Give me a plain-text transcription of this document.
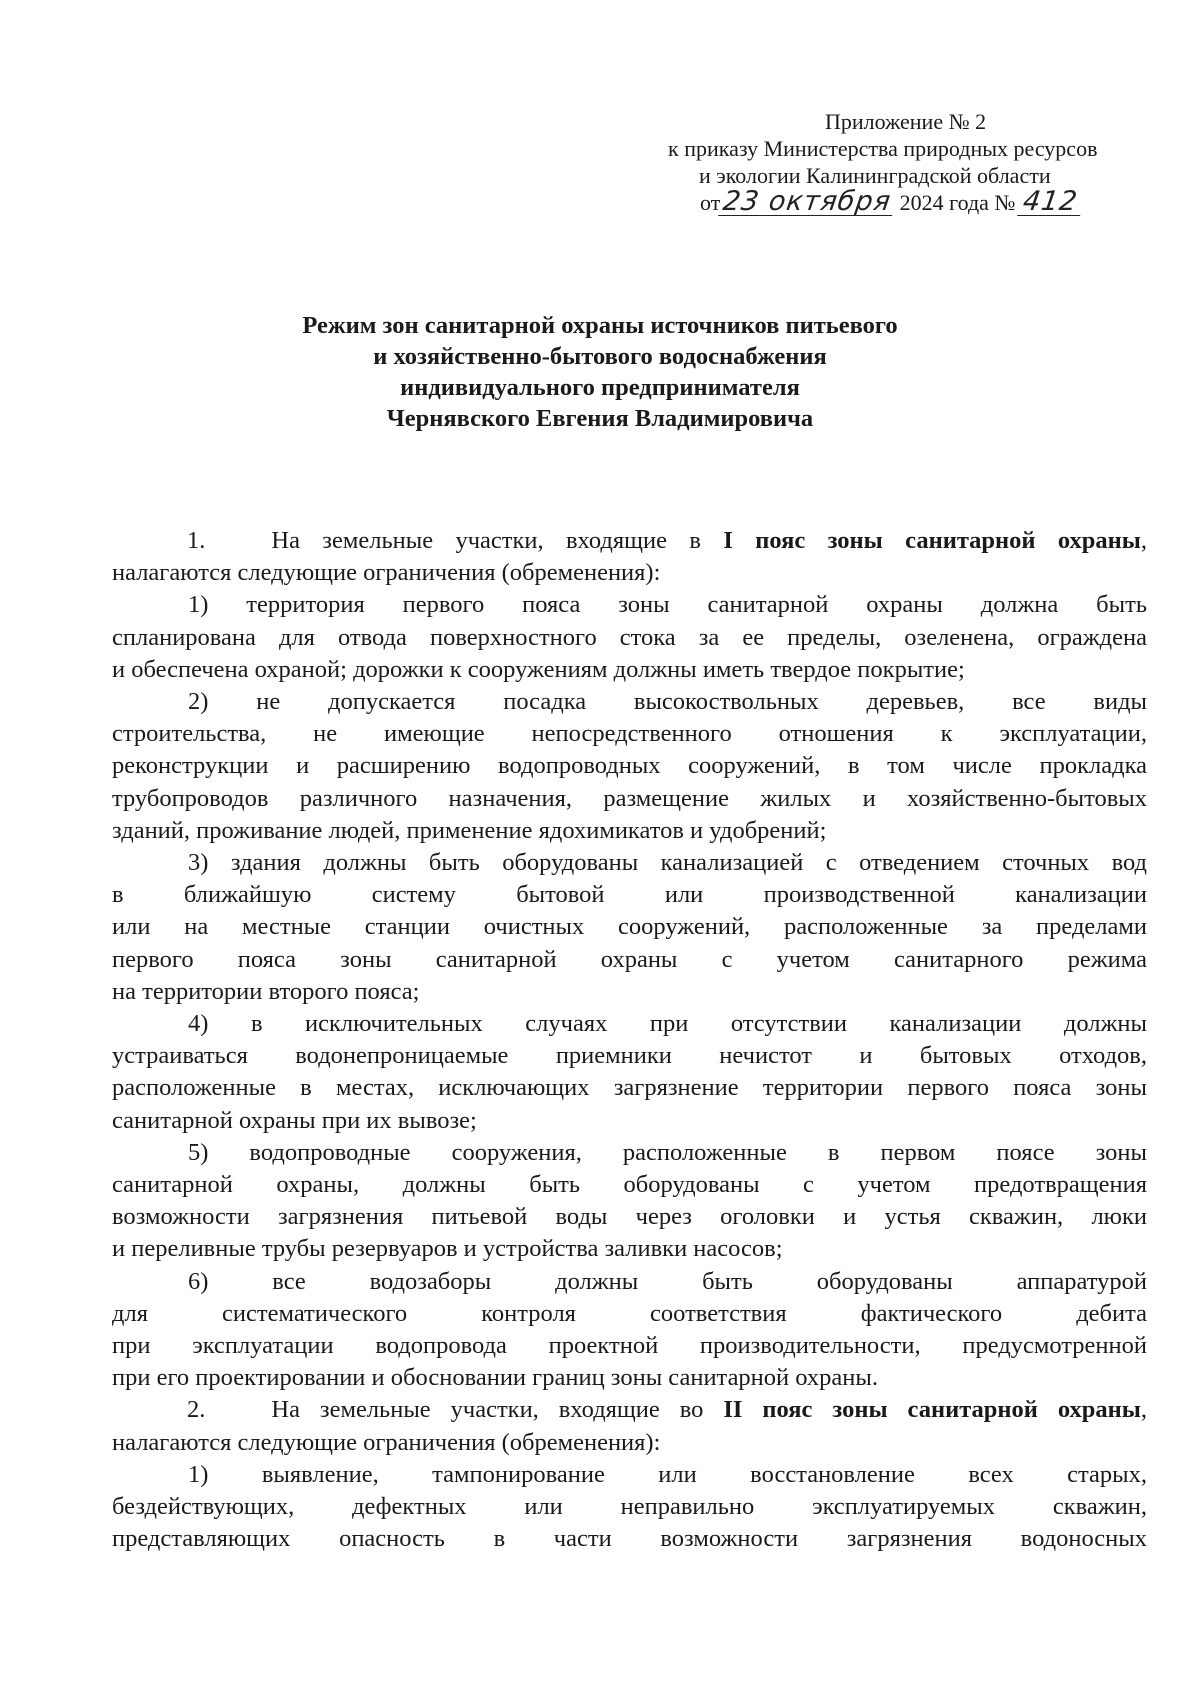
Приложение № 2
к приказу Министерства природных ресурсов
и экологии Калининградской области
от23 октября 2024 года № 412
Режим зон санитарной охраны источников питьевого
и хозяйственно-бытового водоснабжения
индивидуального предпринимателя
Чернявского Евгения Владимировича
1.	На земельные участки, входящие в I пояс зоны санитарной охраны,
налагаются следующие ограничения (обременения):
1) территория первого пояса зоны санитарной охраны должна быть
спланирована для отвода поверхностного стока за ее пределы, озеленена, ограждена
и обеспечена охраной; дорожки к сооружениям должны иметь твердое покрытие;
2) не допускается посадка высокоствольных деревьев, все виды
строительства, не имеющие непосредственного отношения к эксплуатации,
реконструкции и расширению водопроводных сооружений, в том числе прокладка
трубопроводов различного назначения, размещение жилых и хозяйственно-бытовых
зданий, проживание людей, применение ядохимикатов и удобрений;
3) здания должны быть оборудованы канализацией с отведением сточных вод
в ближайшую систему бытовой или производственной канализации
или на местные станции очистных сооружений, расположенные за пределами
первого пояса зоны санитарной охраны с учетом санитарного режима
на территории второго пояса;
4) в исключительных случаях при отсутствии канализации должны
устраиваться водонепроницаемые приемники нечистот и бытовых отходов,
расположенные в местах, исключающих загрязнение территории первого пояса зоны
санитарной охраны при их вывозе;
5) водопроводные сооружения, расположенные в первом поясе зоны
санитарной охраны, должны быть оборудованы с учетом предотвращения
возможности загрязнения питьевой воды через оголовки и устья скважин, люки
и переливные трубы резервуаров и устройства заливки насосов;
6) все водозаборы должны быть оборудованы аппаратурой
для систематического контроля соответствия фактического дебита
при эксплуатации водопровода проектной производительности, предусмотренной
при его проектировании и обосновании границ зоны санитарной охраны.
2.	На земельные участки, входящие во II пояс зоны санитарной охраны,
налагаются следующие ограничения (обременения):
1) выявление, тампонирование или восстановление всех старых,
бездействующих, дефектных или неправильно эксплуатируемых скважин,
представляющих опасность в части возможности загрязнения водоносных
